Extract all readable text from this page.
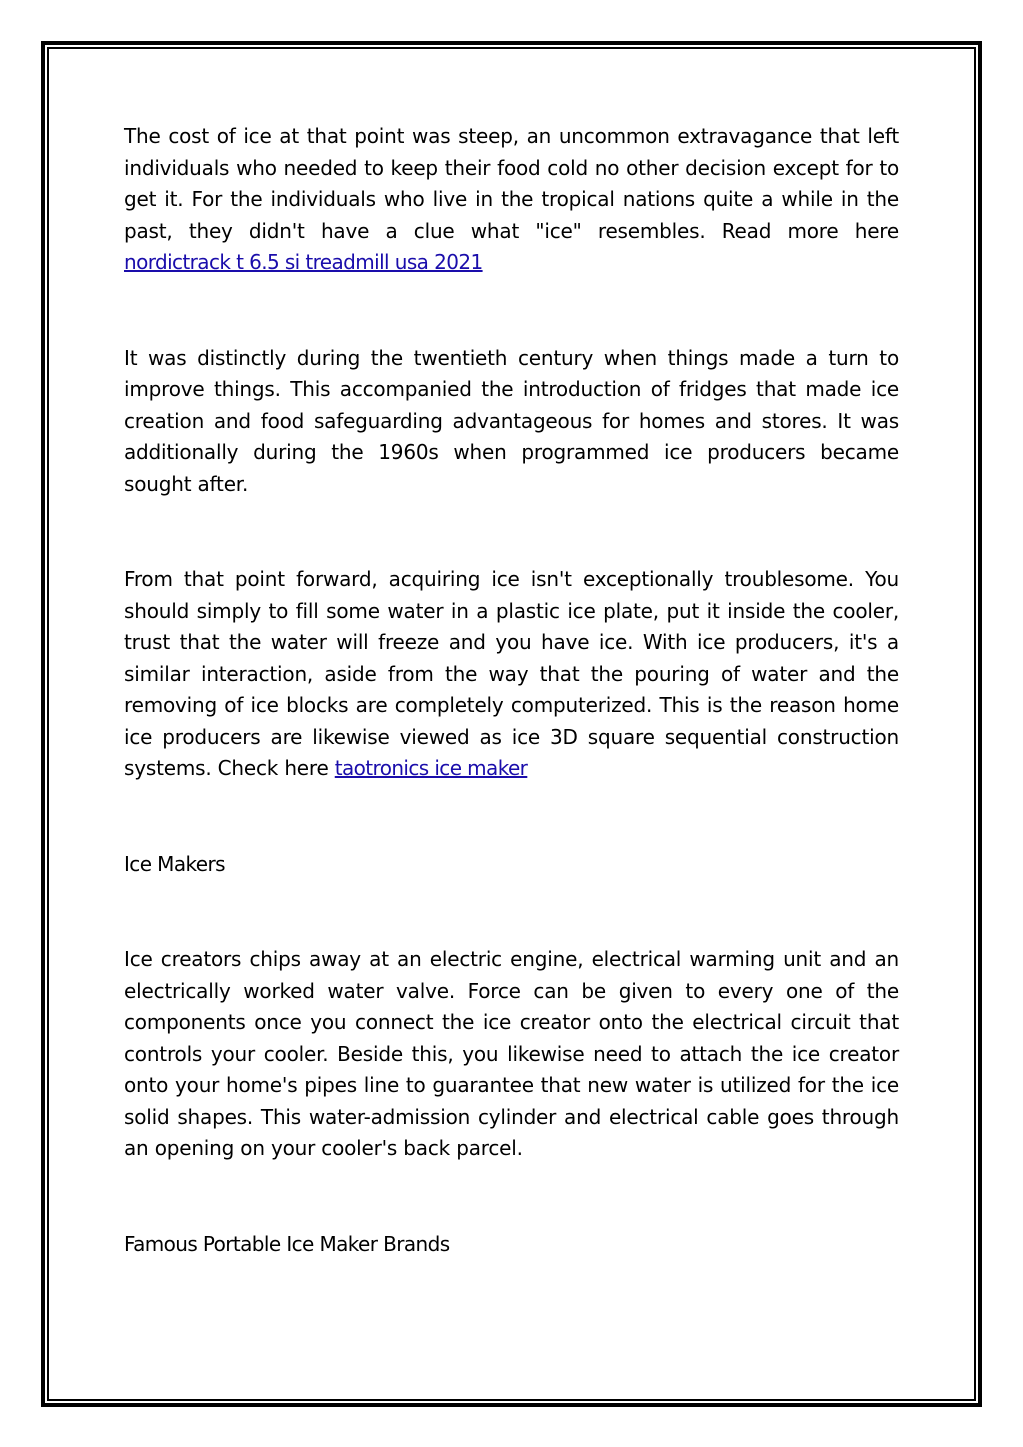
The cost of ice at that point was steep, an uncommon extravagance that left individuals who needed to keep their food cold no other decision except for to get it. For the individuals who live in the tropical nations quite a while in the past, they didn't have a clue what "ice" resembles. Read more here nordictrack t 6.5 si treadmill usa 2021

It was distinctly during the twentieth century when things made a turn to improve things. This accompanied the introduction of fridges that made ice creation and food safeguarding advantageous for homes and stores. It was additionally during the 1960s when programmed ice producers became sought after.

From that point forward, acquiring ice isn't exceptionally troublesome. You should simply to fill some water in a plastic ice plate, put it inside the cooler, trust that the water will freeze and you have ice. With ice producers, it's a similar interaction, aside from the way that the pouring of water and the removing of ice blocks are completely computerized. This is the reason home ice producers are likewise viewed as ice 3D square sequential construction systems. Check here taotronics ice maker

Ice Makers

Ice creators chips away at an electric engine, electrical warming unit and an electrically worked water valve. Force can be given to every one of the components once you connect the ice creator onto the electrical circuit that controls your cooler. Beside this, you likewise need to attach the ice creator onto your home's pipes line to guarantee that new water is utilized for the ice solid shapes. This water-admission cylinder and electrical cable goes through an opening on your cooler's back parcel.

Famous Portable Ice Maker Brands
